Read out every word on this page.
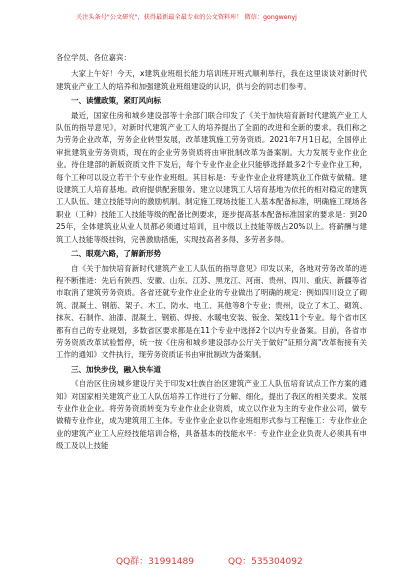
关注头条号"公文研究"，获得最新最全最专业的公文资料库！ 微信：gongwenyj

各位学员、各位嘉宾：

大家上午好！今天，x建筑业班组长能力培训班开班式顺利举行，我在这里谈谈对新时代建筑业产业工人的培养和加强建筑业班组建设的认识，供与会的同志们参考。

一、读懂政策，紧盯风向标

最近，国家住房和城乡建设部等十余部门联合印发了《关于加快培育新时代建筑产业工人队伍的指导意见》，对新时代建筑产业工人的培养提出了全面的改进和全新的要求。我们称之为劳务企业改革，劳务企业转型发展，改革建筑施工劳务资质。2021年7月1日起，全国停止审批建筑业劳务资质，现在的企业劳务资质将由审批制改革为备案制。大力发展专业作业企业。待住建部的新版资质文件下发后，每个专业作业企业只能够选择最多2个专业作业工种，每个工种可以设立若干个专业作业班组。其目标是：专业作业企业将建筑业工作做专做精。建设建筑工人培育基地。政府提供配套服务。建立以建筑工人培育基地为依托的相对稳定的建筑工人队伍。建立技能导向的激励机制。制定施工现场技能工人基本配备标准，明确施工现场各职业（工种）技能工人技能等级的配备比例要求，逐步提高基本配备标准国家的要求是：到2025年，全体建筑业从业人员都必须通过培训，且中级以上技能等级占20%以上。将薪酬与建筑工人技能等级挂钩，完善激励措施，实现技高者多得、多劳者多得。

二、眼观六路，了解新形势

自《关于加快培育新时代建筑产业工人队伍的指导意见》印发以来，各地对劳务改革的进程不断推进：先后有陕西、安徽、山东、江苏、黑龙江、河南、贵州、四川、重庆、新疆等省市取消了建筑劳务资质。各省还就专业作业企业的专业做出了明确的规定：例如四川设立了砌筑、混凝土、钢筋、架子、木工、防水、电工、其他等8个专业；贵州，设立了木工、砌筑、抹灰、石制作、油漆、混凝土、钢筋、焊接、水暖电安装、钣金、架线11个专业。每个省市区都有自己的专业规划，多数省区要求都是在11个专业中选择2个以内专业备案。目前，各省市劳务资质改革试验暂停，统一按《住房和城乡建设部办公厅关于做好"证照分离"改革衔接有关工作的通知》文件执行，现劳务资质证书由审批制改为备案制。

三、加快步伐，融入快车道

《自治区住房城乡建设厅关于印发x壮族自治区建筑产业工人队伍培育试点工作方案的通知》对国家相关建筑产业工人队伍培养工作进行了分解、细化，提出了我区的相关要求。发展专业作业企业。将劳务资质转变为专业作业企业资质，成立以作业为主的专业作业公司，做专做精专业作业，成为建筑用工主体。专业作业企业以作业班组形式参与工程施工：专业作业企业的建筑产业工人应经技能培训合格，具备基本的技能水平：专业作业企业负责人必须具有申级工及以上技能

QQ群：31991489	QQ：535304092
